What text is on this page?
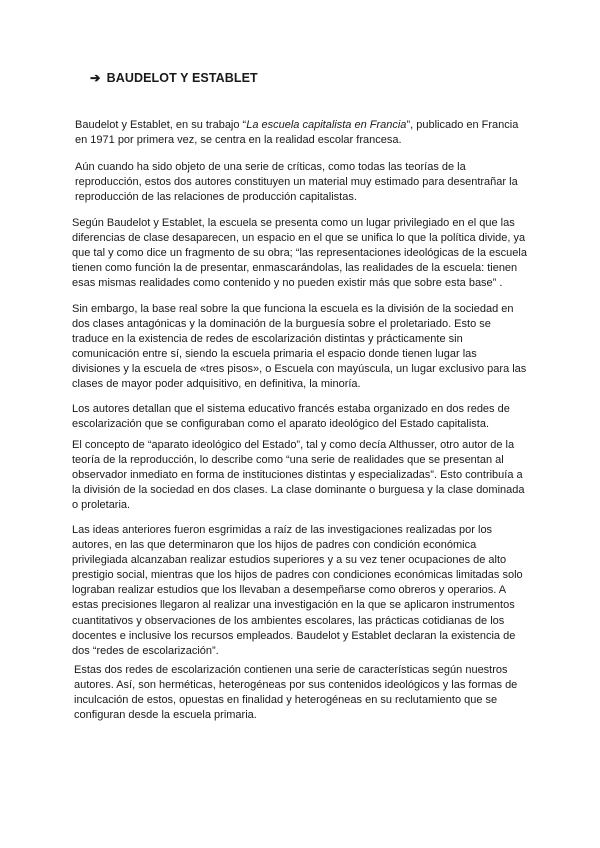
➔ BAUDELOT Y ESTABLET

Baudelot y Establet, en su trabajo “La escuela capitalista en Francia”, publicado en Francia en 1971 por primera vez, se centra en la realidad escolar francesa.

Aún cuando ha sido objeto de una serie de críticas, como todas las teorías de la reproducción, estos dos autores constituyen un material muy estimado para desentrañar la reproducción de las relaciones de producción capitalistas.

Según Baudelot y Establet, la escuela se presenta como un lugar privilegiado en el que las diferencias de clase desaparecen, un espacio en el que se unifica lo que la política divide, ya que tal y como dice un fragmento de su obra; “las representaciones ideológicas de la escuela tienen como función la de presentar, enmascarándolas, las realidades de la escuela: tienen esas mismas realidades como contenido y no pueden existir más que sobre esta base” .

Sin embargo, la base real sobre la que funciona la escuela es la división de la sociedad en dos clases antagónicas y la dominación de la burguesía sobre el proletariado. Esto se traduce en la existencia de redes de escolarización distintas y prácticamente sin comunicación entre sí, siendo la escuela primaria el espacio donde tienen lugar las divisiones y la escuela de «tres pisos», o Escuela con mayúscula, un lugar exclusivo para las clases de mayor poder adquisitivo, en definitiva, la minoría.

Los autores detallan que el sistema educativo francés estaba organizado en dos redes de escolarización que se configuraban como el aparato ideológico del Estado capitalista.

El concepto de “aparato ideológico del Estado”, tal y como decía Althusser, otro autor de la teoría de la reproducción, lo describe como “una serie de realidades que se presentan al observador inmediato en forma de instituciones distintas y especializadas”. Esto contribuía a la división de la sociedad en dos clases. La clase dominante o burguesa y la clase dominada o proletaria.

Las ideas anteriores fueron esgrimidas a raíz de las investigaciones realizadas por los autores, en las que determinaron que los hijos de padres con condición económica privilegiada alcanzaban realizar estudios superiores y a su vez tener ocupaciones de alto prestigio social, mientras que los hijos de padres con condiciones económicas limitadas solo lograban realizar estudios que los llevaban a desempeñarse como obreros y operarios. A estas precisiones llegaron al realizar una investigación en la que se aplicaron instrumentos cuantitativos y observaciones de los ambientes escolares, las prácticas cotidianas de los docentes e inclusive los recursos empleados. Baudelot y Establet declaran la existencia de dos “redes de escolarización”.

Estas dos redes de escolarización contienen una serie de características según nuestros autores. Así, son herméticas, heterogéneas por sus contenidos ideológicos y las formas de inculcación de estos, opuestas en finalidad y heterogéneas en su reclutamiento que se configuran desde la escuela primaria.
